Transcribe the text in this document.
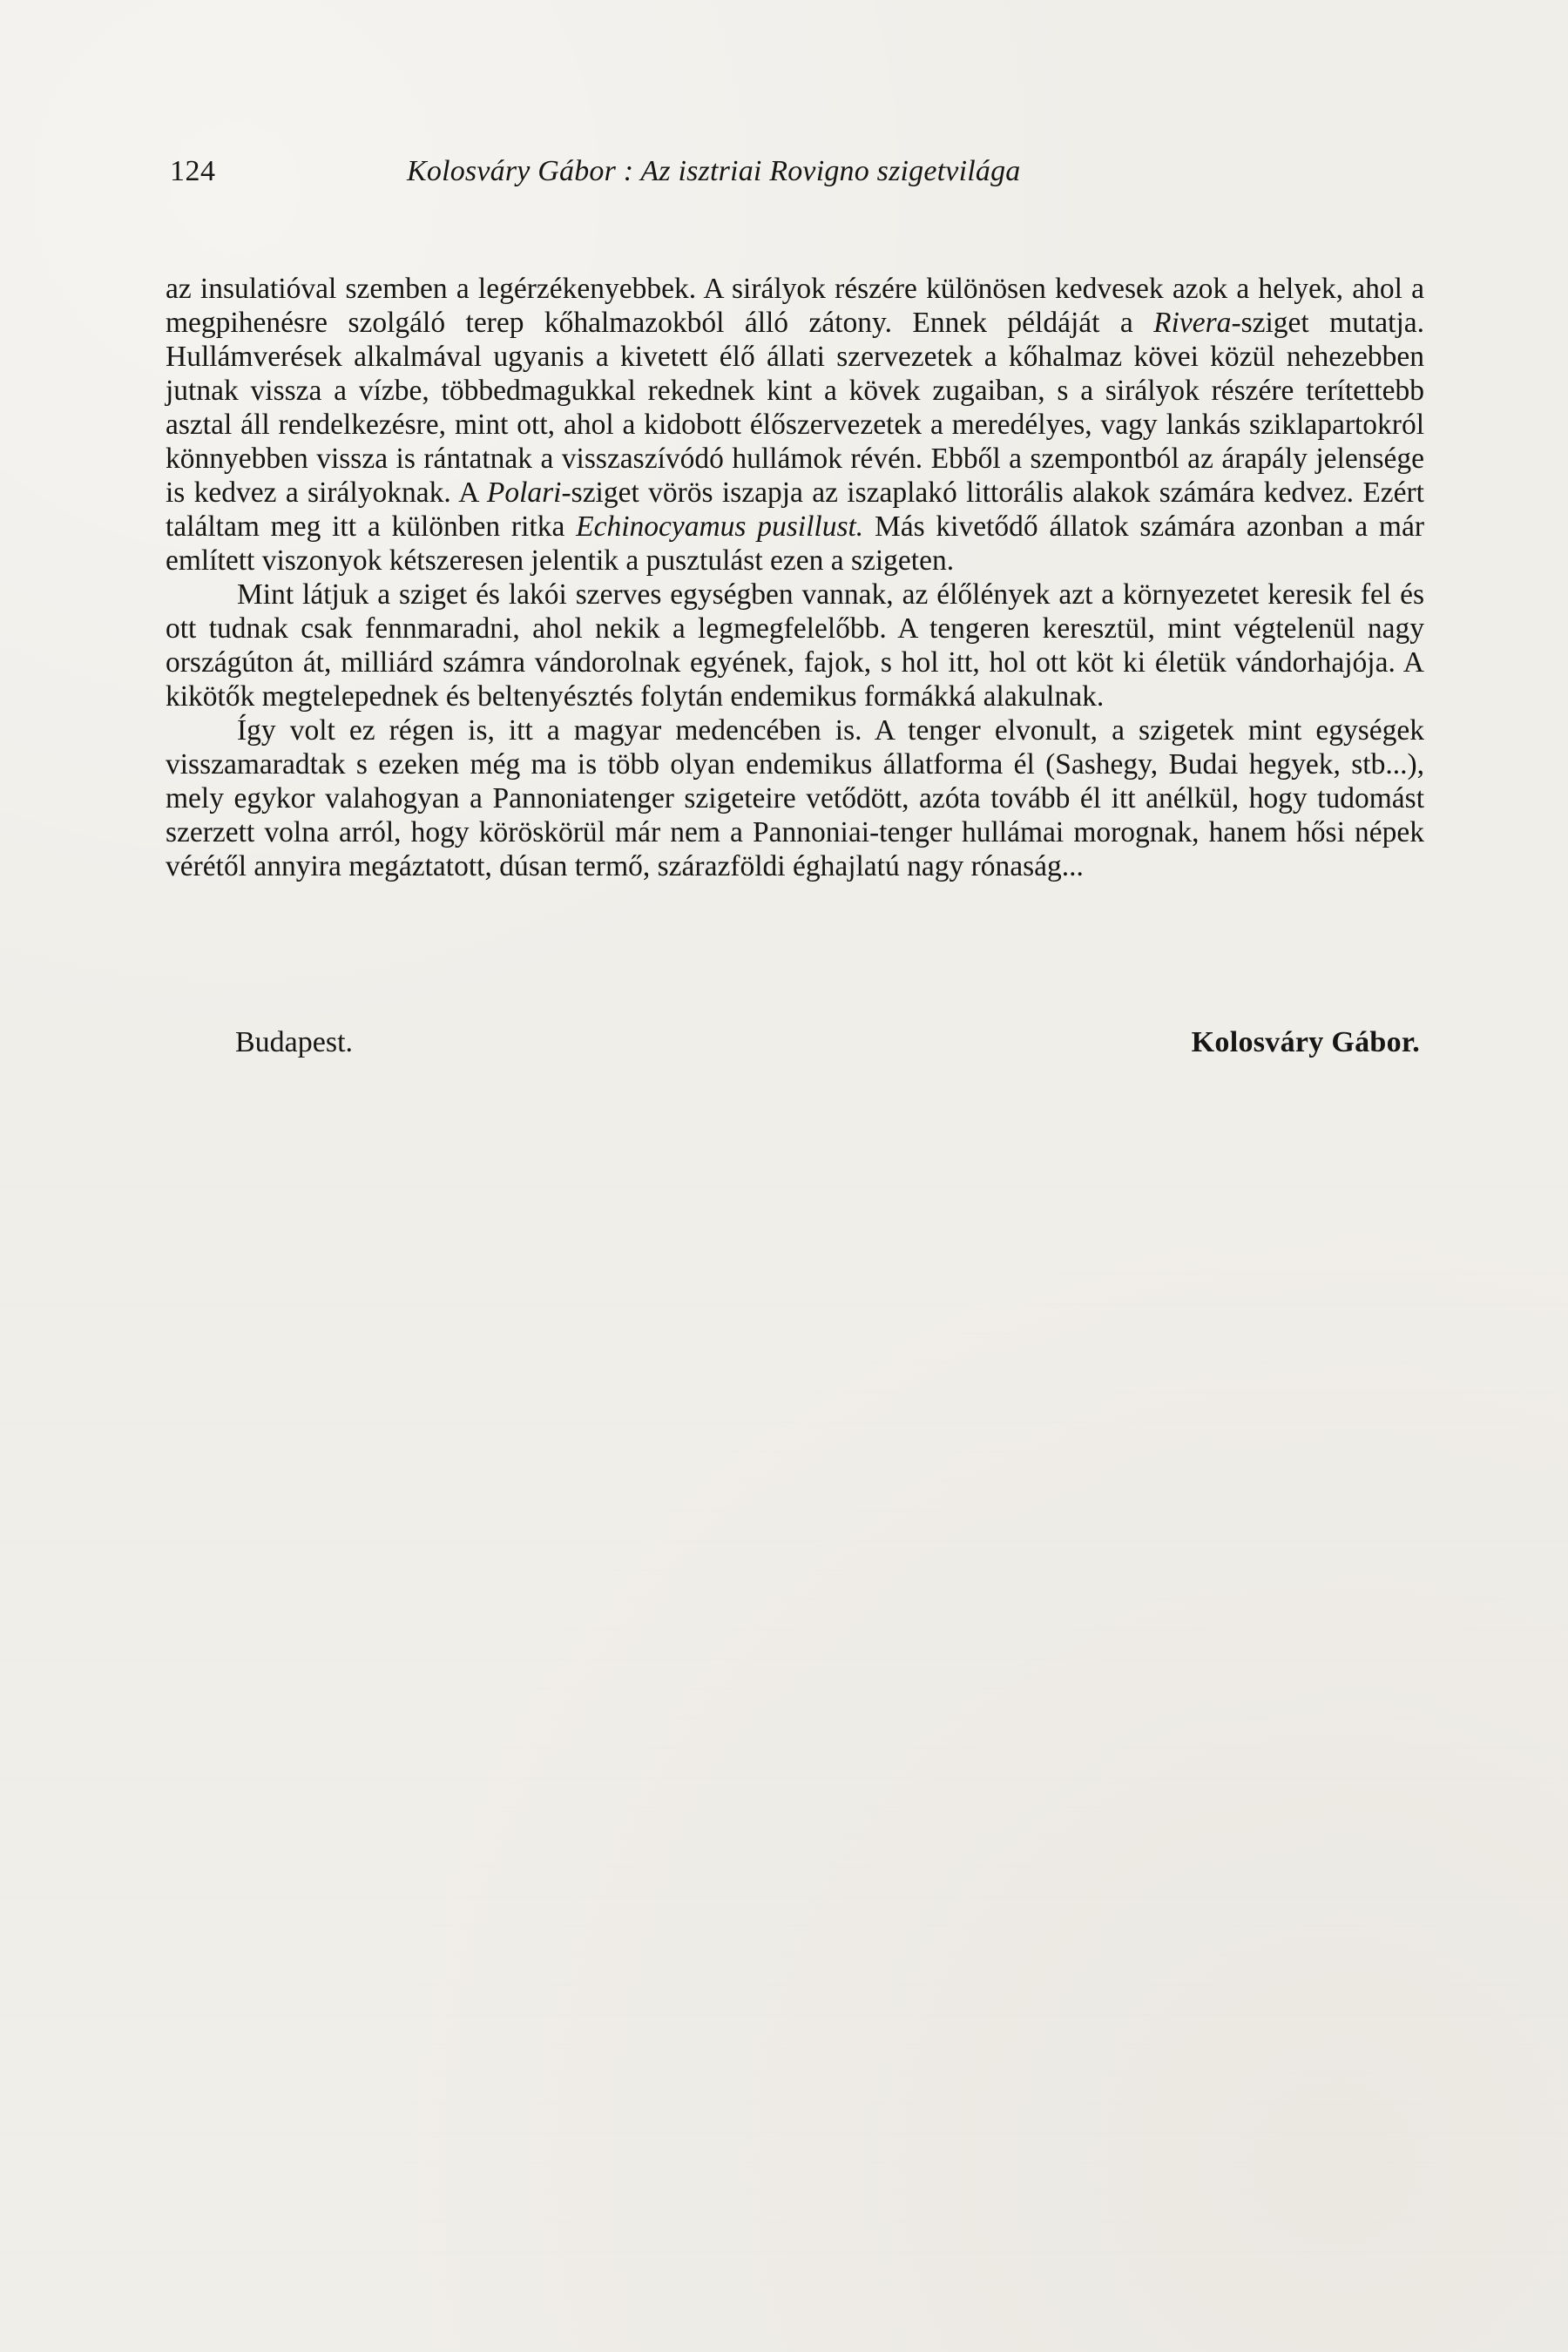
124	Kolosváry Gábor : Az isztriai Rovigno szigetvilága

az insulatióval szemben a legérzékenyebbek. A sirályok részére különösen kedvesek azok a helyek, ahol a megpihenésre szolgáló terep kőhalmazokból álló zátony. Ennek példáját a Rivera-sziget mutatja. Hullámverések alkalmával ugyanis a kivetett élő állati szervezetek a kőhalmaz kövei közül nehezebben jutnak vissza a vízbe, többedmagukkal rekednek kint a kövek zugaiban, s a sirályok részére terítettebb asztal áll rendelkezésre, mint ott, ahol a kidobott élőszervezetek a meredélyes, vagy lankás sziklapartokról könnyebben vissza is rántatnak a visszaszívódó hullámok révén. Ebből a szempontból az árapály jelensége is kedvez a sirályoknak. A Polari-sziget vörös iszapja az iszaplakó littorális alakok számára kedvez. Ezért találtam meg itt a különben ritka Echinocyamus pusillust. Más kivetődő állatok számára azonban a már említett viszonyok kétszeresen jelentik a pusztulást ezen a szigeten.

Mint látjuk a sziget és lakói szerves egységben vannak, az élőlények azt a környezetet keresik fel és ott tudnak csak fennmaradni, ahol nekik a legmegfelelőbb. A tengeren keresztül, mint végtelenül nagy országúton át, milliárd számra vándorolnak egyének, fajok, s hol itt, hol ott köt ki életük vándorhajója. A kikötők megtelepednek és beltenyésztés folytán endemikus formákká alakulnak.

Így volt ez régen is, itt a magyar medencében is. A tenger elvonult, a szigetek mint egységek visszamaradtak s ezeken még ma is több olyan endemikus állatforma él (Sashegy, Budai hegyek, stb...), mely egykor valahogyan a Pannoniatenger szigeteire vetődött, azóta tovább él itt anélkül, hogy tudomást szerzett volna arról, hogy köröskörül már nem a Pannoniai-tenger hullámai morognak, hanem hősi népek vérétől annyira megáztatott, dúsan termő, szárazföldi éghajlatú nagy rónaság...

Budapest.	Kolosváry Gábor.
